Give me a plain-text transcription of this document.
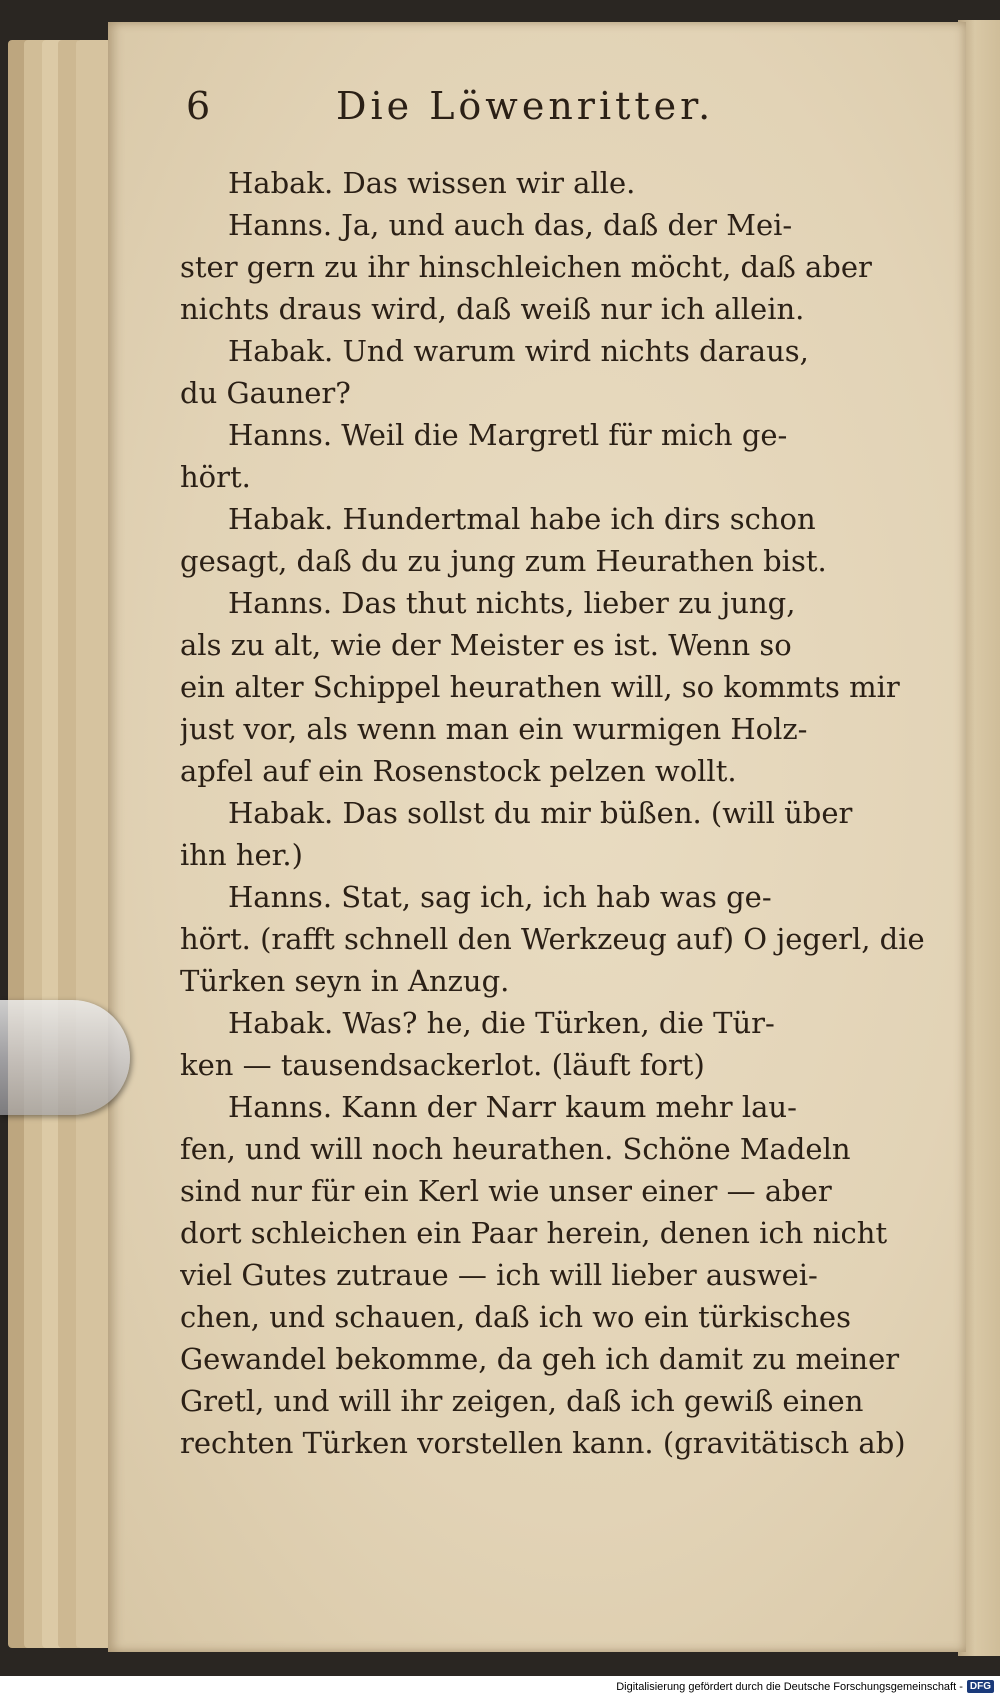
6	Die Löwenritter.
Habak. Das wissen wir alle.
Hanns. Ja, und auch das, daß der Mei-
ster gern zu ihr hinschleichen möcht, daß aber
nichts draus wird, daß weiß nur ich allein.
Habak. Und warum wird nichts daraus,
du Gauner?
Hanns. Weil die Margretl für mich ge-
hört.
Habak. Hundertmal habe ich dirs schon
gesagt, daß du zu jung zum Heurathen bist.
Hanns. Das thut nichts, lieber zu jung,
als zu alt, wie der Meister es ist. Wenn so
ein alter Schippel heurathen will, so kommts mir
just vor, als wenn man ein wurmigen Holz-
apfel auf ein Rosenstock pelzen wollt.
Habak. Das sollst du mir büßen. (will über
ihn her.)
Hanns. Stat, sag ich, ich hab was ge-
hört. (rafft schnell den Werkzeug auf) O jegerl, die
Türken seyn in Anzug.
Habak. Was? he, die Türken, die Tür-
ken — tausendsackerlot. (läuft fort)
Hanns. Kann der Narr kaum mehr lau-
fen, und will noch heurathen. Schöne Madeln
sind nur für ein Kerl wie unser einer — aber
dort schleichen ein Paar herein, denen ich nicht
viel Gutes zutraue — ich will lieber auswei-
chen, und schauen, daß ich wo ein türkisches
Gewandel bekomme, da geh ich damit zu meiner
Gretl, und will ihr zeigen, daß ich gewiß einen
rechten Türken vorstellen kann. (gravitätisch ab)
Digitalisierung gefördert durch die Deutsche Forschungsgemeinschaft - DFG
